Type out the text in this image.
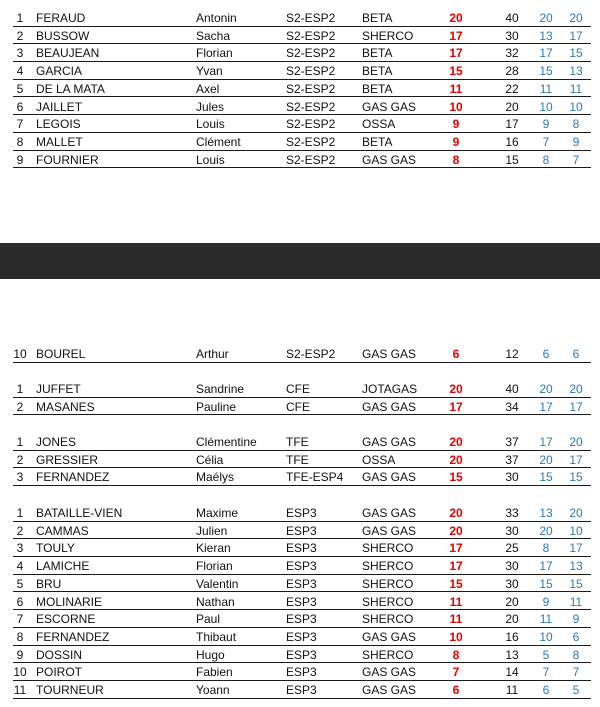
1	FERAUD	Antonin	S2-ESP2 BETA	20	40	20	20
2	BUSSOW	Sacha	S2-ESP2 SHERCO	17	30	13	17
3	BEAUJEAN	Florian	S2-ESP2 BETA	17	32	17	15
4	GARCIA	Yvan	S2-ESP2 BETA	15	28	15	13
5	DE LA MATA	Axel	S2-ESP2 BETA	11	22	11	11
6	JAILLET	Jules	S2-ESP2 GAS GAS	10	20	10	10
7	LEGOIS	Louis	S2-ESP2 OSSA	9	17	9	8
8	MALLET	Clément	S2-ESP2 BETA	9	16	7	9
9	FOURNIER	Louis	S2-ESP2 GAS GAS	8	15	8	7
10 BOUREL	Arthur	S2-ESP2 GAS GAS	6	12	6	6
1	JUFFET	Sandrine	CFE	JOTAGAS	20	40	20	20
2	MASANES	Pauline	CFE	GAS GAS	17	34	17	17
1	JONES	Clémentine TFE	GAS GAS	20	37	17	20
2	GRESSIER	Célia	TFE	OSSA	20	37	20	17
3	FERNANDEZ	Maélys	TFE-ESP4 GAS GAS	15	30	15	15
1	BATAILLE-VIEN	Maxime	ESP3	GAS GAS	20	33	13	20
2	CAMMAS	Julien	ESP3	GAS GAS	20	30	20	10
3	TOULY	Kieran	ESP3	SHERCO	17	25	8	17
4	LAMICHE	Florian	ESP3	SHERCO	17	30	17	13
5	BRU	Valentin	ESP3	SHERCO	15	30	15	15
6	MOLINARIE	Nathan	ESP3	SHERCO	11	20	9	11
7	ESCORNE	Paul	ESP3	SHERCO	11	20	11	9
8	FERNANDEZ	Thibaut	ESP3	GAS GAS	10	16	10	6
9	DOSSIN	Hugo	ESP3	SHERCO	8	13	5	8
10 POIROT	Fabien	ESP3	GAS GAS	7	14	7	7
11 TOURNEUR	Yoann	ESP3	GAS GAS	6	11	6	5
